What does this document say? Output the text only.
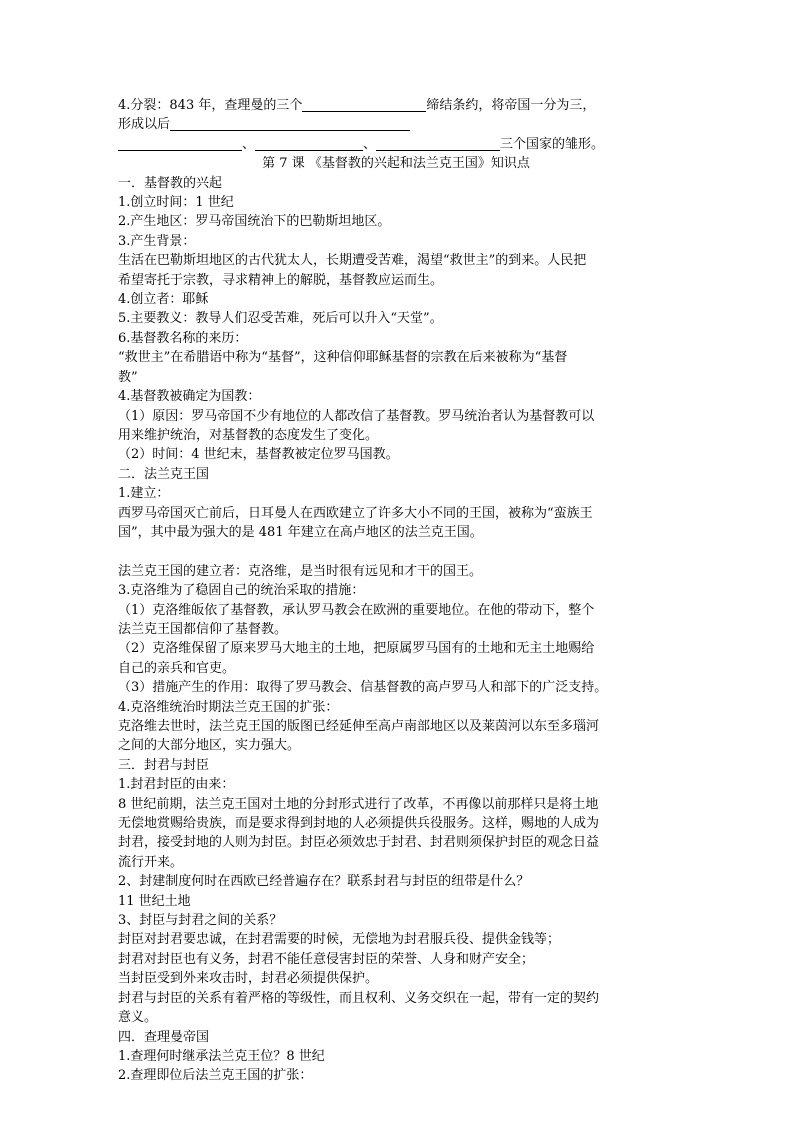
4.分裂：843 年，查理曼的三个	缔结条约，将帝国一分为三，
形成以后
、	、	三个国家的雏形。
第 7 课 《基督教的兴起和法兰克王国》知识点
一．基督教的兴起
1.创立时间：1 世纪
2.产生地区：罗马帝国统治下的巴勒斯坦地区。
3.产生背景：
生活在巴勒斯坦地区的古代犹太人，长期遭受苦难，渴望“救世主”的到来。人民把
希望寄托于宗教，寻求精神上的解脱，基督教应运而生。
4.创立者：耶稣
5.主要教义：教导人们忍受苦难，死后可以升入“天堂”。
6.基督教名称的来历：
“救世主”在希腊语中称为“基督”，这种信仰耶稣基督的宗教在后来被称为“基督
教”
4.基督教被确定为国教：
（1）原因：罗马帝国不少有地位的人都改信了基督教。罗马统治者认为基督教可以
用来维护统治，对基督教的态度发生了变化。
（2）时间：4 世纪末，基督教被定位罗马国教。
二．法兰克王国
1.建立：
西罗马帝国灭亡前后，日耳曼人在西欧建立了许多大小不同的王国，被称为“蛮族王
国”，其中最为强大的是 481 年建立在高卢地区的法兰克王国。

法兰克王国的建立者：克洛维，是当时很有远见和才干的国王。
3.克洛维为了稳固自己的统治采取的措施：
（1）克洛维皈依了基督教，承认罗马教会在欧洲的重要地位。在他的带动下，整个
法兰克王国都信仰了基督教。
（2）克洛维保留了原来罗马大地主的土地，把原属罗马国有的土地和无主土地赐给
自己的亲兵和官吏。
（3）措施产生的作用：取得了罗马教会、信基督教的高卢罗马人和部下的广泛支持。
4.克洛维统治时期法兰克王国的扩张：
克洛维去世时，法兰克王国的版图已经延伸至高卢南部地区以及莱茵河以东至多瑙河
之间的大部分地区，实力强大。
三．封君与封臣
1.封君封臣的由来：
8 世纪前期，法兰克王国对土地的分封形式进行了改革，不再像以前那样只是将土地
无偿地赏赐给贵族，而是要求得到封地的人必须提供兵役服务。这样，赐地的人成为
封君，接受封地的人则为封臣。封臣必须效忠于封君、封君则须保护封臣的观念日益
流行开来。
2、封建制度何时在西欧已经普遍存在？联系封君与封臣的纽带是什么？
11 世纪土地
3、封臣与封君之间的关系？
封臣对封君要忠诚，在封君需要的时候，无偿地为封君服兵役、提供金钱等；
封君对封臣也有义务，封君不能任意侵害封臣的荣誉、人身和财产安全；
当封臣受到外来攻击时，封君必须提供保护。
封君与封臣的关系有着严格的等级性，而且权利、义务交织在一起，带有一定的契约
意义。
四．查理曼帝国
1.查理何时继承法兰克王位？8 世纪
2.查理即位后法兰克王国的扩张：
